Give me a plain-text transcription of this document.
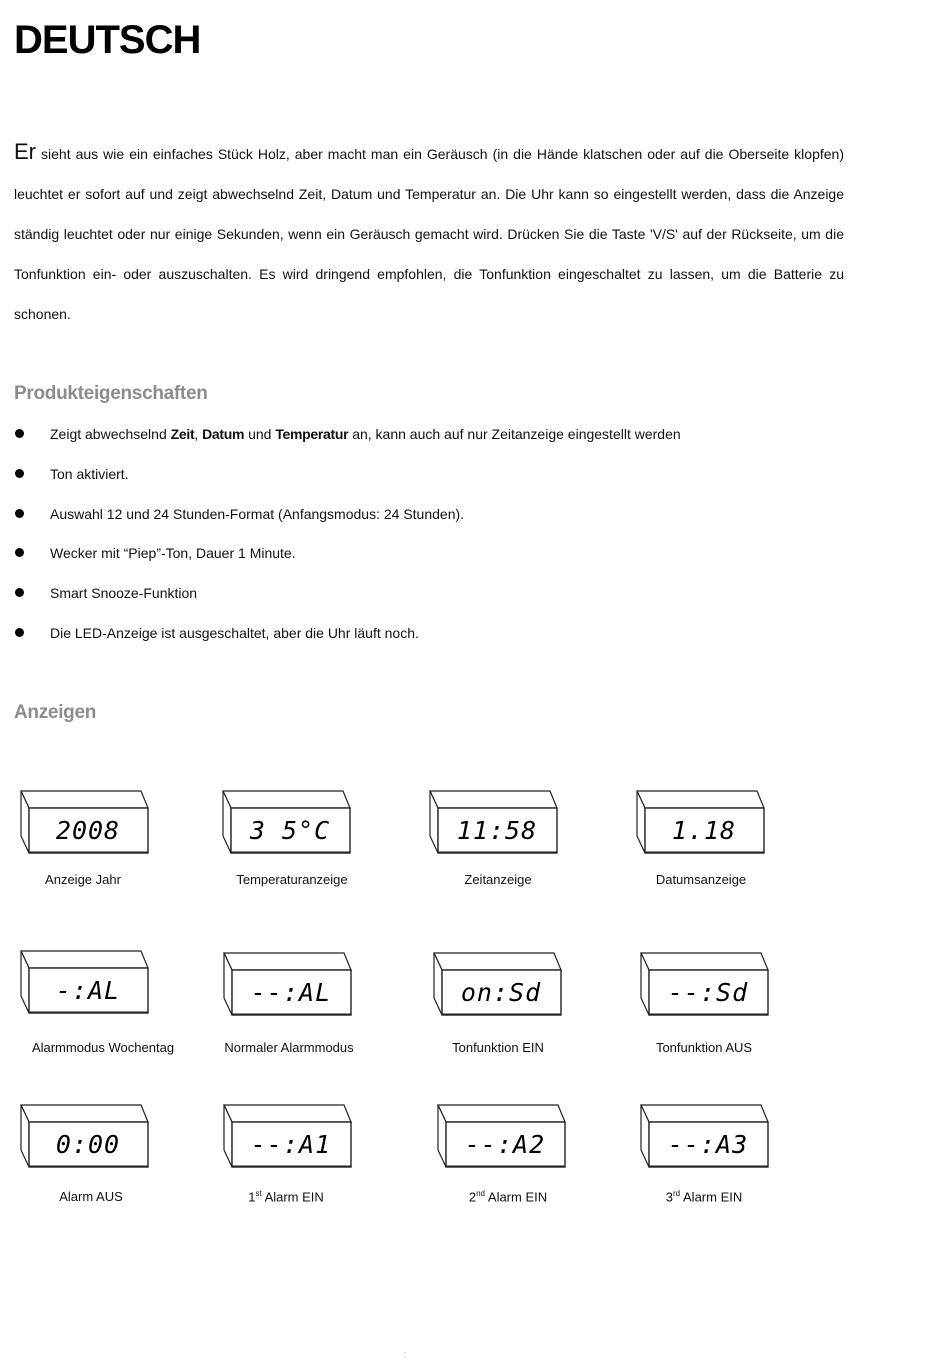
DEUTSCH
Er sieht aus wie ein einfaches Stück Holz, aber macht man ein Geräusch (in die Hände klatschen oder auf die Oberseite klopfen) leuchtet er sofort auf und zeigt abwechselnd Zeit, Datum und Temperatur an. Die Uhr kann so eingestellt werden, dass die Anzeige ständig leuchtet oder nur einige Sekunden, wenn ein Geräusch gemacht wird. Drücken Sie die Taste 'V/S' auf der Rückseite, um die Tonfunktion ein- oder auszuschalten. Es wird dringend empfohlen, die Tonfunktion eingeschaltet zu lassen, um die Batterie zu schonen.
Produkteigenschaften
Zeigt abwechselnd Zeit, Datum und Temperatur an, kann auch auf nur Zeitanzeige eingestellt werden
Ton aktiviert.
Auswahl 12 und 24 Stunden-Format (Anfangsmodus: 24 Stunden).
Wecker mit “Piep”-Ton, Dauer 1 Minute.
Smart Snooze-Funktion
Die LED-Anzeige ist ausgeschaltet, aber die Uhr läuft noch.
Anzeigen
2008	3 5°C	11:58	1.18
-:AL	--:AL	on:Sd	--:Sd
0:00	--:A1	--:A2	--:A3
Anzeige Jahr	Temperaturanzeige	Zeitanzeige	Datumsanzeige
Alarmmodus Wochentag	Normaler Alarmmodus	Tonfunktion EIN	Tonfunktion AUS
Alarm AUS	1st Alarm EIN	2nd Alarm EIN	3rd Alarm EIN
:
